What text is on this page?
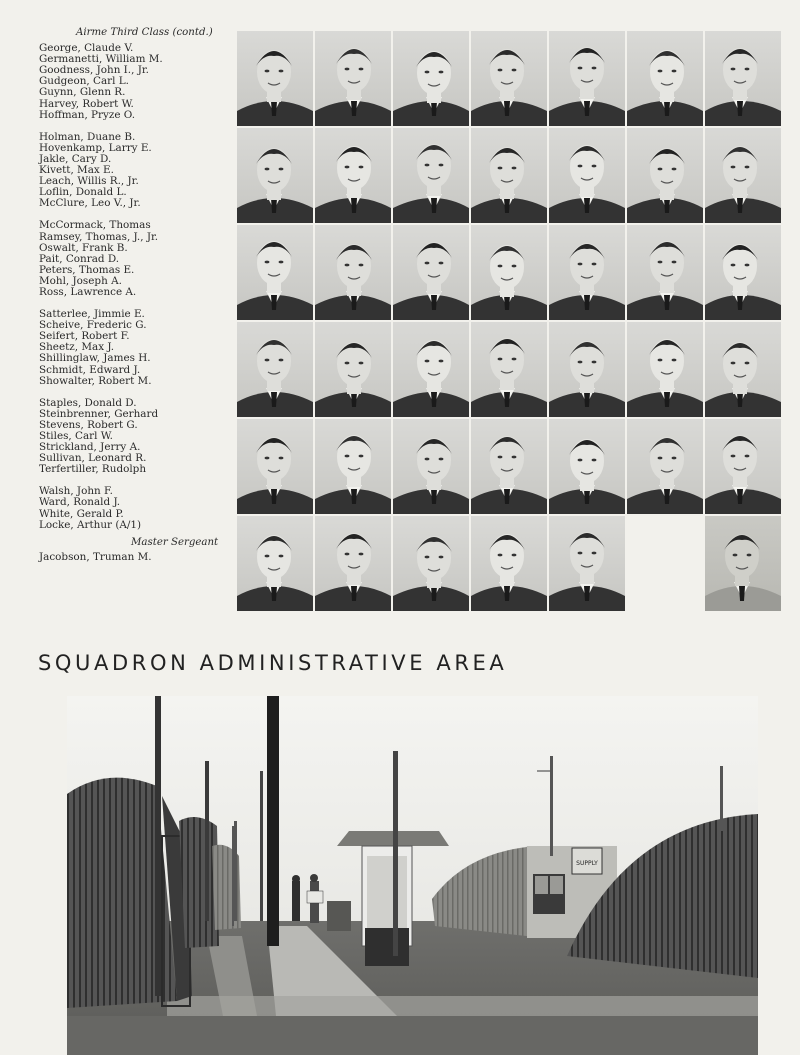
Airme Third Class (contd.)
George, Claude V.
Germanetti, William M.
Goodness, John I., Jr.
Gudgeon, Carl L.
Guynn, Glenn R.
Harvey, Robert W.
Hoffman, Pryze O.
Holman, Duane B.
Hovenkamp, Larry E.
Jakle, Cary D.
Kivett, Max E.
Leach, Willis R., Jr.
Loflin, Donald L.
McClure, Leo V., Jr.
McCormack, Thomas
Ramsey, Thomas, J., Jr.
Oswalt, Frank B.
Pait, Conrad D.
Peters, Thomas E.
Mohl, Joseph A.
Ross, Lawrence A.
Satterlee, Jimmie E.
Scheive, Frederic G.
Seifert, Robert F.
Sheetz, Max J.
Shillinglaw, James H.
Schmidt, Edward J.
Showalter, Robert M.
Staples, Donald D.
Steinbrenner, Gerhard
Stevens, Robert G.
Stiles, Carl W.
Strickland, Jerry A.
Sullivan, Leonard R.
Terfertiller, Rudolph
Walsh, John F.
Ward, Ronald J.
White, Gerald P.
Locke, Arthur (A/1)
Master Sergeant
Jacobson, Truman M.
SQUADRON ADMINISTRATIVE AREA
SUPPLY
